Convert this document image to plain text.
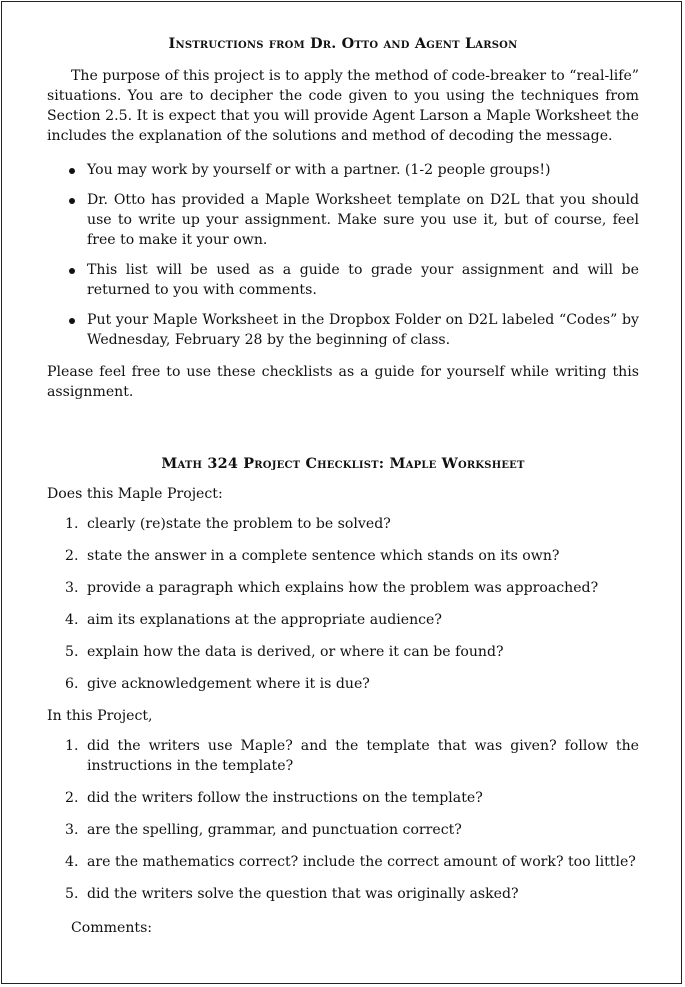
Instructions from Dr. Otto and Agent Larson

The purpose of this project is to apply the method of code-breaker to “real-life” situations. You are to decipher the code given to you using the techniques from Section 2.5. It is expect that you will provide Agent Larson a Maple Worksheet the includes the explanation of the solutions and method of decoding the message.

You may work by yourself or with a partner. (1-2 people groups!)
Dr. Otto has provided a Maple Worksheet template on D2L that you should use to write up your assignment. Make sure you use it, but of course, feel free to make it your own.
This list will be used as a guide to grade your assignment and will be returned to you with comments.
Put your Maple Worksheet in the Dropbox Folder on D2L labeled “Codes” by Wednesday, February 28 by the beginning of class.

Please feel free to use these checklists as a guide for yourself while writing this assignment.

Math 324 Project Checklist: Maple Worksheet

Does this Maple Project:

1. clearly (re)state the problem to be solved?
2. state the answer in a complete sentence which stands on its own?
3. provide a paragraph which explains how the problem was approached?
4. aim its explanations at the appropriate audience?
5. explain how the data is derived, or where it can be found?
6. give acknowledgement where it is due?

In this Project,

1. did the writers use Maple? and the template that was given? follow the instructions in the template?
2. did the writers follow the instructions on the template?
3. are the spelling, grammar, and punctuation correct?
4. are the mathematics correct? include the correct amount of work? too little?
5. did the writers solve the question that was originally asked?

Comments:
